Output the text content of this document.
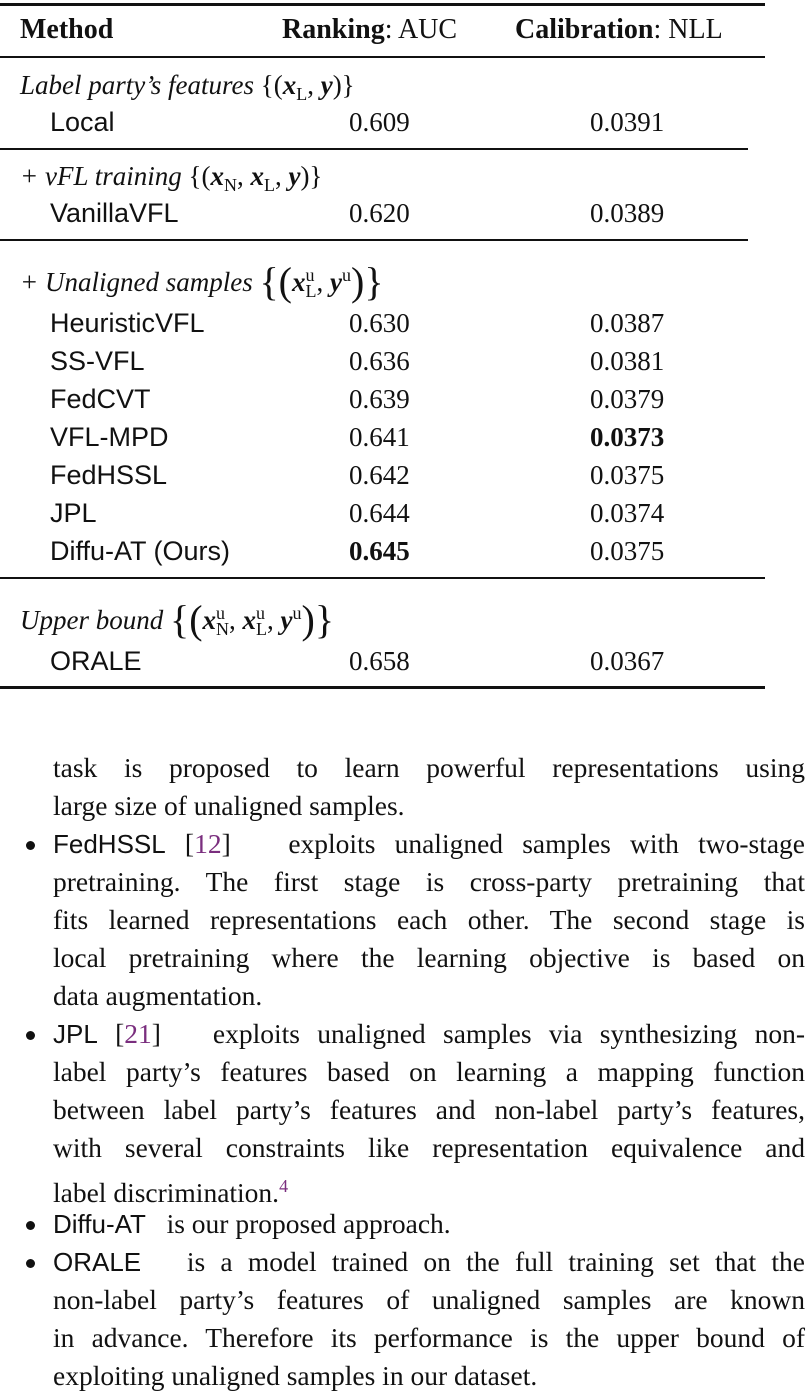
Method	Ranking: AUC Calibration: NLL
Label party’s features {($x_L$, y)}
Local	0.609	0.0391
+ vFL training {($x_N$, $x_L$, y)}
VanillaVFL	0.620	0.0389
+ Unaligned samples {($x^u_L$, $y^u$)}
HeuristicVFL	0.630	0.0387
SS-VFL	0.636	0.0381
FedCVT	0.639	0.0379
VFL-MPD	0.641	0.0373
FedHSSL	0.642	0.0375
JPL	0.644	0.0374
Diffu-AT (Ours)	0.645	0.0375
Upper bound {($x^u_N$, $x^u_L$, $y^u$)}
ORALE	0.658	0.0367
task is proposed to learn powerful representations using
large size of unaligned samples.
FedHSSL [12]   exploits unaligned samples with two-stage
pretraining. The first stage is cross-party pretraining that
fits learned representations each other. The second stage is
local pretraining where the learning objective is based on
data augmentation.
JPL [21]   exploits unaligned samples via synthesizing non-
label party’s features based on learning a mapping function
between label party’s features and non-label party’s features,
with several constraints like representation equivalence and
label discrimination.$^4$
Diffu-AT is our proposed approach.
ORALE is a model trained on the full training set that the
non-label party’s features of unaligned samples are known
in advance. Therefore its performance is the upper bound of
exploiting unaligned samples in our dataset.
